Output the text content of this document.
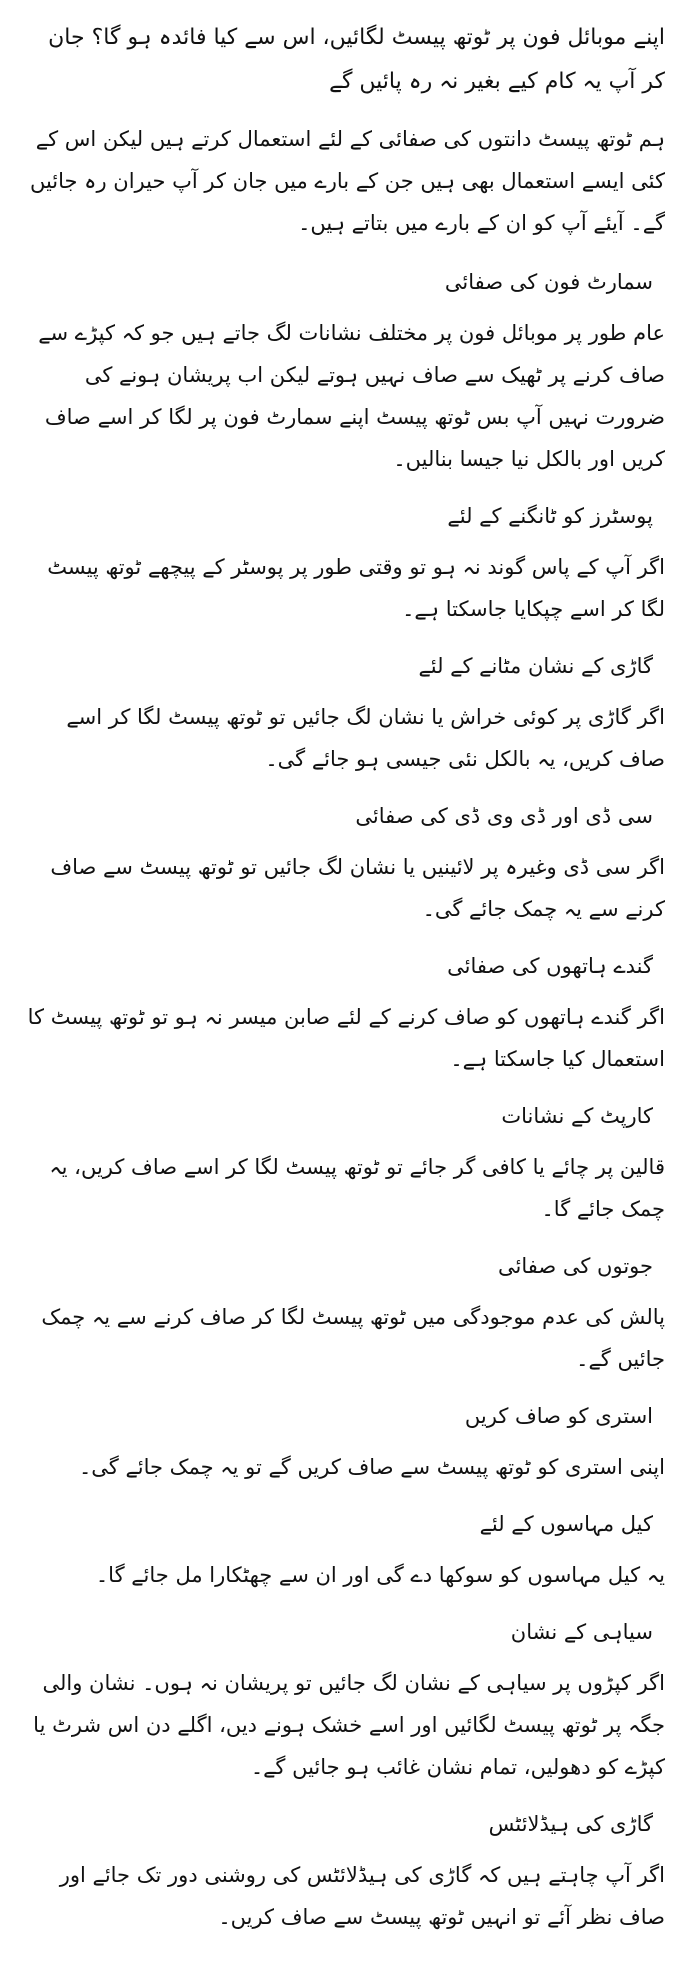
اپنے موبائل فون پر ٹوتھ پیسٹ لگائیں، اس سے کیا فائدہ ہو گا؟ جان کر آپ یہ کام کیے بغیر نہ رہ پائیں گے

ہم ٹوتھ پیسٹ دانتوں کی صفائی کے لئے استعمال کرتے ہیں لیکن اس کے کئی ایسے استعمال بھی ہیں جن کے بارے میں جان کر آپ حیران رہ جائیں گے۔ آیئے آپ کو ان کے بارے میں بتاتے ہیں۔

سمارٹ فون کی صفائی

عام طور پر موبائل فون پر مختلف نشانات لگ جاتے ہیں جو کہ کپڑے سے صاف کرنے پر ٹھیک سے صاف نہیں ہوتے لیکن اب پریشان ہونے کی ضرورت نہیں آپ بس ٹوتھ پیسٹ اپنے سمارٹ فون پر لگا کر اسے صاف کریں اور بالکل نیا جیسا بنالیں۔

پوسٹرز کو ٹانگنے کے لئے

اگر آپ کے پاس گوند نہ ہو تو وقتی طور پر پوسٹر کے پیچھے ٹوتھ پیسٹ لگا کر اسے چپکایا جاسکتا ہے۔

گاڑی کے نشان مٹانے کے لئے

اگر گاڑی پر کوئی خراش یا نشان لگ جائیں تو ٹوتھ پیسٹ لگا کر اسے صاف کریں، یہ بالکل نئی جیسی ہو جائے گی۔

سی ڈی اور ڈی وی ڈی کی صفائی

اگر سی ڈی وغیرہ پر لائینیں یا نشان لگ جائیں تو ٹوتھ پیسٹ سے صاف کرنے سے یہ چمک جائے گی۔

گندے ہاتھوں کی صفائی

اگر گندے ہاتھوں کو صاف کرنے کے لئے صابن میسر نہ ہو تو ٹوتھ پیسٹ کا استعمال کیا جاسکتا ہے۔

کارپٹ کے نشانات

قالین پر چائے یا کافی گر جائے تو ٹوتھ پیسٹ لگا کر اسے صاف کریں، یہ چمک جائے گا۔

جوتوں کی صفائی

پالش کی عدم موجودگی میں ٹوتھ پیسٹ لگا کر صاف کرنے سے یہ چمک جائیں گے۔

استری کو صاف کریں

اپنی استری کو ٹوتھ پیسٹ سے صاف کریں گے تو یہ چمک جائے گی۔

کیل مہاسوں کے لئے

یہ کیل مہاسوں کو سوکھا دے گی اور ان سے چھٹکارا مل جائے گا۔

سیاہی کے نشان

اگر کپڑوں پر سیاہی کے نشان لگ جائیں تو پریشان نہ ہوں۔ نشان والی جگہ پر ٹوتھ پیسٹ لگائیں اور اسے خشک ہونے دیں، اگلے دن اس شرٹ یا کپڑے کو دھولیں، تمام نشان غائب ہو جائیں گے۔

گاڑی کی ہیڈلائٹس

اگر آپ چاہتے ہیں کہ گاڑی کی ہیڈلائٹس کی روشنی دور تک جائے اور صاف نظر آئے تو انہیں ٹوتھ پیسٹ سے صاف کریں۔
